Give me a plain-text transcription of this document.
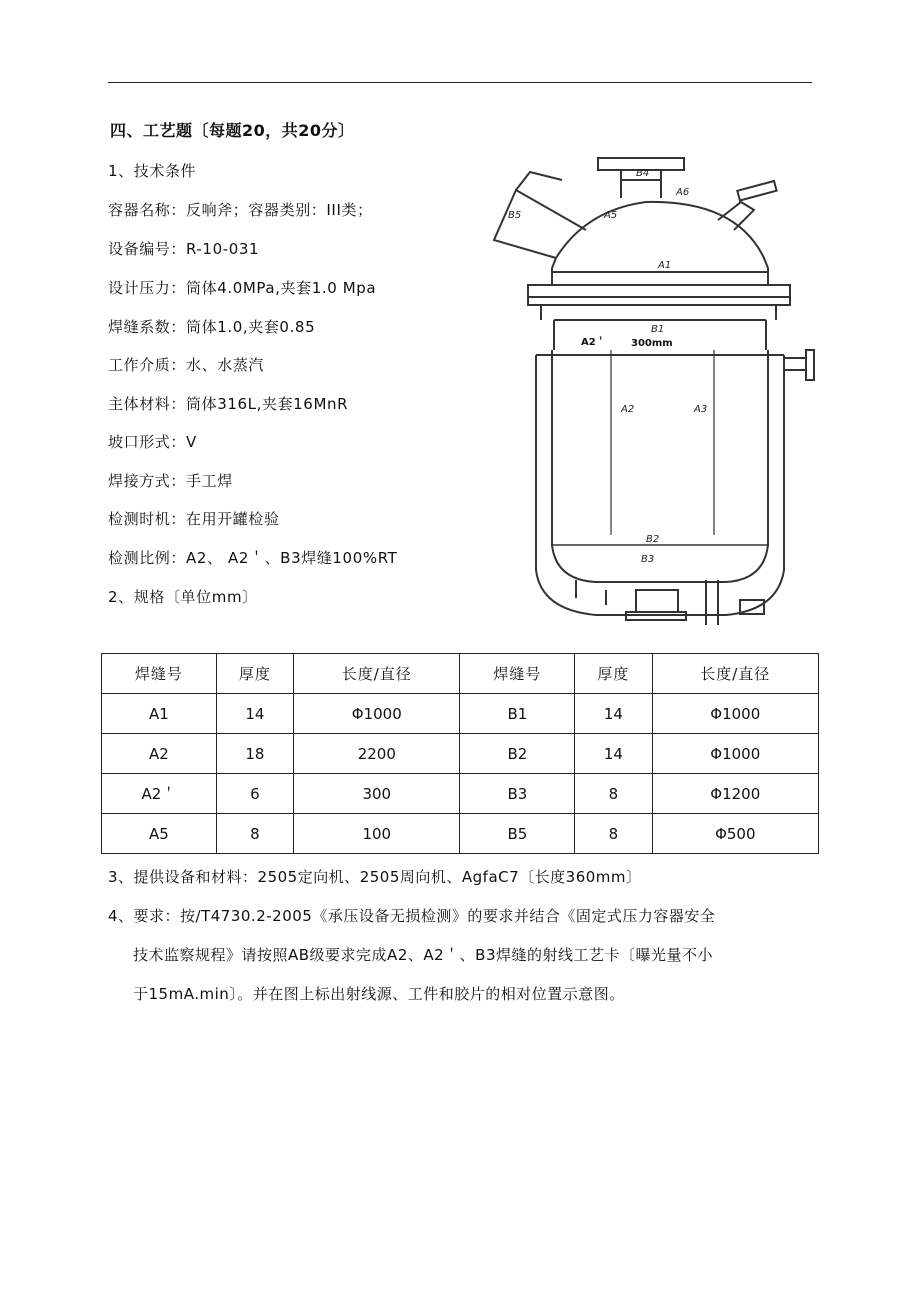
四、工艺题〔每题20，共20分〕
1、技术条件
容器名称：反响斧；容器类别：III类；
设备编号：R-10-031
设计压力：筒体4.0MPa,夹套1.0 Mpa
焊缝系数：筒体1.0,夹套0.85
工作介质：水、水蒸汽
主体材料：筒体316L,夹套16MnR
坡口形式：V
焊接方式：手工焊
检测时机：在用开罐检验
检测比例：A2、 A2＇、B3焊缝100%RT
2、规格〔单位mm〕
B4
A6
B5	A5
A1
B1
A2＇	300mm
A2	A3
B2
B3
焊缝号	厚度	长度/直径	焊缝号	厚度	长度/直径
A1	14	Φ1000	B1	14	Φ1000
A2	18	2200	B2	14	Φ1000
A2＇	6	300	B3	8	Φ1200
A5	8	100	B5	8	Φ500
3、提供设备和材料：2505定向机、2505周向机、AgfaC7〔长度360mm〕
4、要求：按/T4730.2-2005《承压设备无损检测》的要求并结合《固定式压力容器安全
技术监察规程》请按照AB级要求完成A2、A2＇、B3焊缝的射线工艺卡〔曝光量不小
于15mA.min〕。并在图上标出射线源、工件和胶片的相对位置示意图。
